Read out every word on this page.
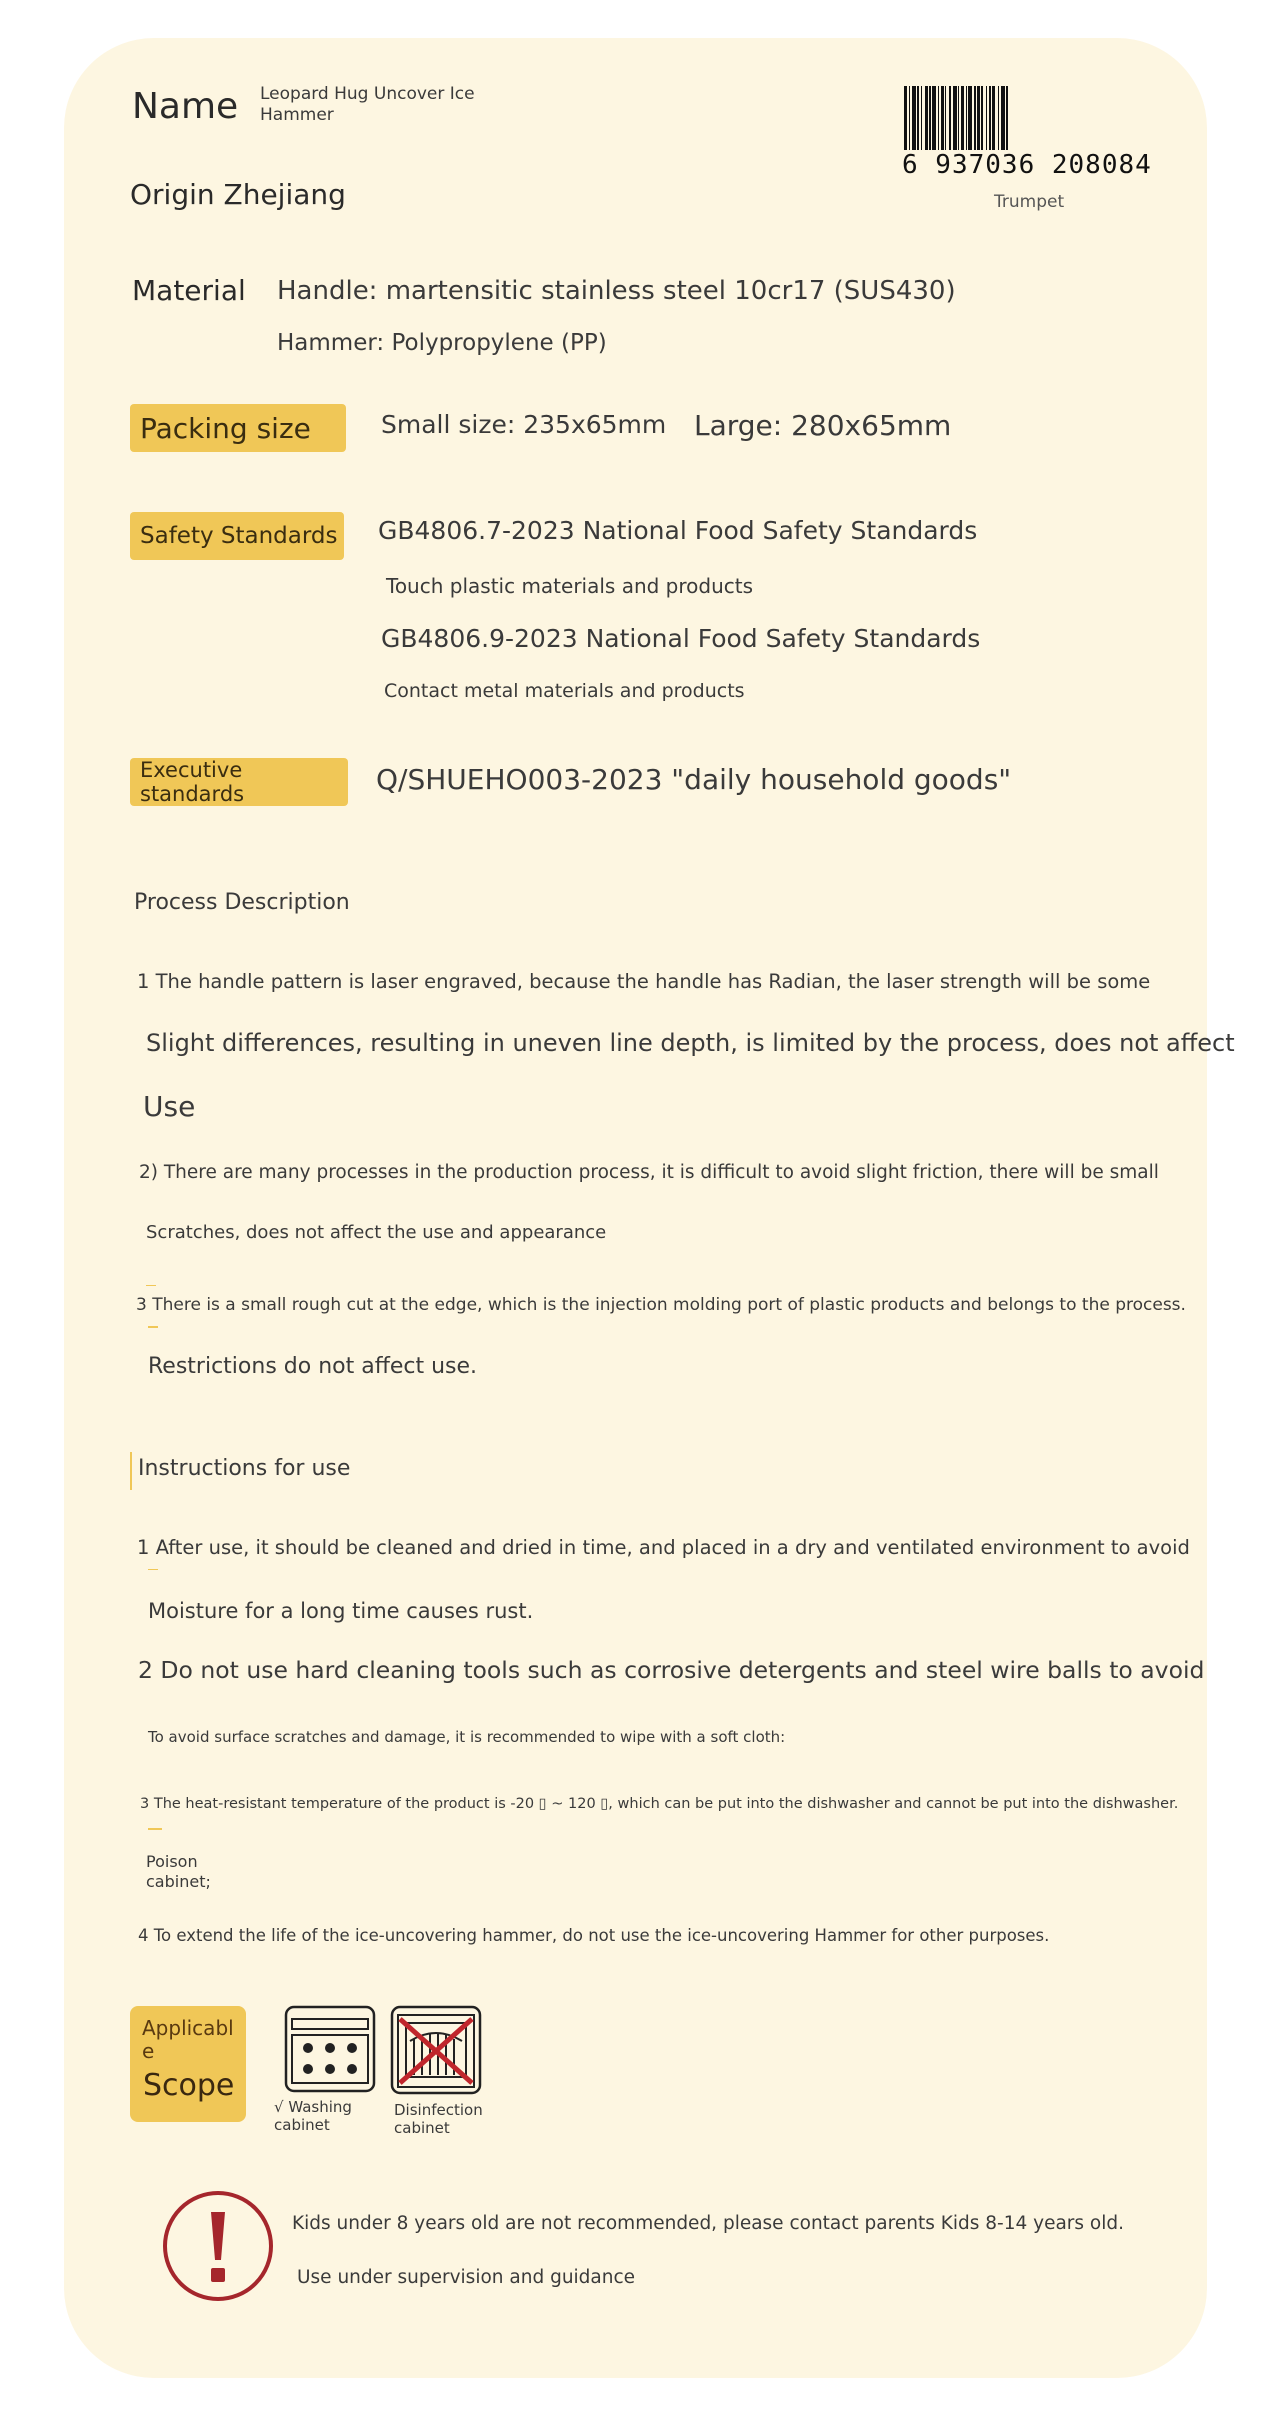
Name Leopard Hug Uncover Ice
Hammer
Origin Zhejiang
6 937036 208084
Trumpet
Material Handle: martensitic stainless steel 10cr17 (SUS430)
Hammer: Polypropylene (PP)
Packing size	Small size: 235x65mm Large: 280x65mm
Safety Standards GB4806.7-2023 National Food Safety Standards
Touch plastic materials and products
GB4806.9-2023 National Food Safety Standards
Contact metal materials and products
Executive standards	Q/SHUEHO003-2023 "daily household goods"
Process Description
1 The handle pattern is laser engraved, because the handle has Radian, the laser strength will be some
Slight differences, resulting in uneven line depth, is limited by the process, does not affect
Use
2) There are many processes in the production process, it is difficult to avoid slight friction, there will be small
Scratches, does not affect the use and appearance
3 There is a small rough cut at the edge, which is the injection molding port of plastic products and belongs to the process.
Restrictions do not affect use.
Instructions for use
1 After use, it should be cleaned and dried in time, and placed in a dry and ventilated environment to avoid
Moisture for a long time causes rust.
2 Do not use hard cleaning tools such as corrosive detergents and steel wire balls to avoid
To avoid surface scratches and damage, it is recommended to wipe with a soft cloth:
3 The heat-resistant temperature of the product is -20 ▯ ~ 120 ▯, which can be put into the dishwasher and cannot be put into the dishwasher.
Poison
cabinet;
4 To extend the life of the ice-uncovering hammer, do not use the ice-uncovering Hammer for other purposes.
Applicabl
e
Scope
√ Washing
cabinet
Disinfection
cabinet
Kids under 8 years old are not recommended, please contact parents Kids 8-14 years old.
Use under supervision and guidance
